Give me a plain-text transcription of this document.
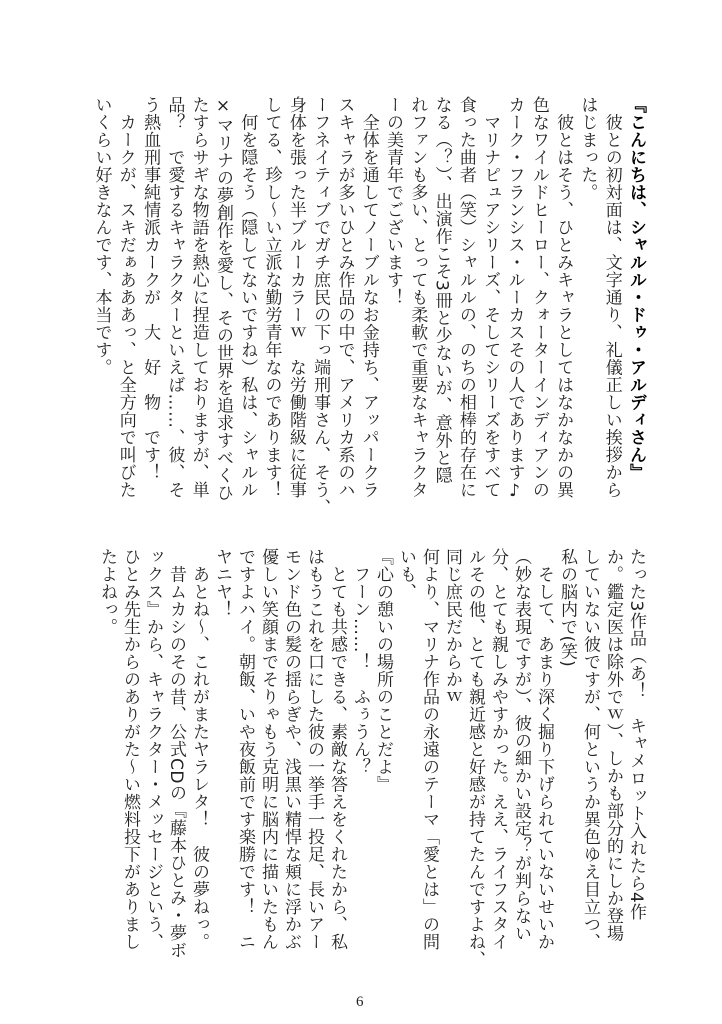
『こんにちは、シャルル・ドゥ・アルディさん』
　彼との初対面は、文字通り、礼儀正しい挨拶から
はじまった。
　彼とはそう、ひとみキャラとしてはなかなかの異
色なワイルドヒーロー、クォーターインディアンの
カーク・フランシス・ルーカスその人であります♪
　マリナピュアシリーズ、そしてシリーズをすべて
食った曲者（笑）シャルルの、のちの相棒的存在に
なる（？）、出演作こそ3冊と少ないが、意外と隠
れファンも多い、とっても柔軟で重要なキャラクタ
ーの美青年でございます！
　全体を通してノーブルなお金持ち、アッパークラ
スキャラが多いひとみ作品の中で、アメリカ系のハ
ーフネイティブでガチ庶民の下っ端刑事さん、そう、
身体を張った半ブルーカラーｗ　な労働階級に従事
してる、珍し～い立派な勤労青年なのであります！
　何を隠そう（隠してないですね）私は、シャルル
×マリナの夢創作を愛し、その世界を追求すべくひ
たすらサギな物語を熱心に捏造しておりますが、単
品？　で愛するキャラクターといえば……、彼、そ
う熱血刑事純情派カークが　大　好　物　です！
　カークが、スキだぁあああっ、と全方向で叫びた
いくらい好きなんです、本当です。
たった3作品（あ！　キャメロット入れたら4作
か。鑑定医は除外でｗ）、しかも部分的にしか登場
していない彼ですが、何というか異色ゆえ目立つ、
私の脳内で(笑)
　そして、あまり深く掘り下げられていないせいか
（妙な表現ですが）、彼の細かい設定？が判らない
分、とても親しみやすかった。ええ、ライフスタイ
ルその他、とても親近感と好感が持てたんですよね、
同じ庶民だからかｗ
何より、マリナ作品の永遠のテーマ「愛とは」の問
いも、
『心の憩いの場所のことだよ』
　フーン……！　ふぅうん？
　とても共感できる、素敵な答えをくれたから、私
はもうこれを口にした彼の一挙手一投足、長いアー
モンド色の髪の揺らぎや、浅黒い精悍な頬に浮かぶ
優しい笑顔までそりゃもう克明に脳内に描いたもん
ですよハイ。朝飯、いや夜飯前です楽勝です！　ニ
ヤニヤ！
　あとね～、これがまたヤラレタ！　彼の夢ねっ。
　昔ムカシのその昔、公式CDの『藤本ひとみ・夢ボ
ックス』から、キャラクター・メッセージという、
ひとみ先生からのありがた～い燃料投下がありまし
たよねっ。
6
